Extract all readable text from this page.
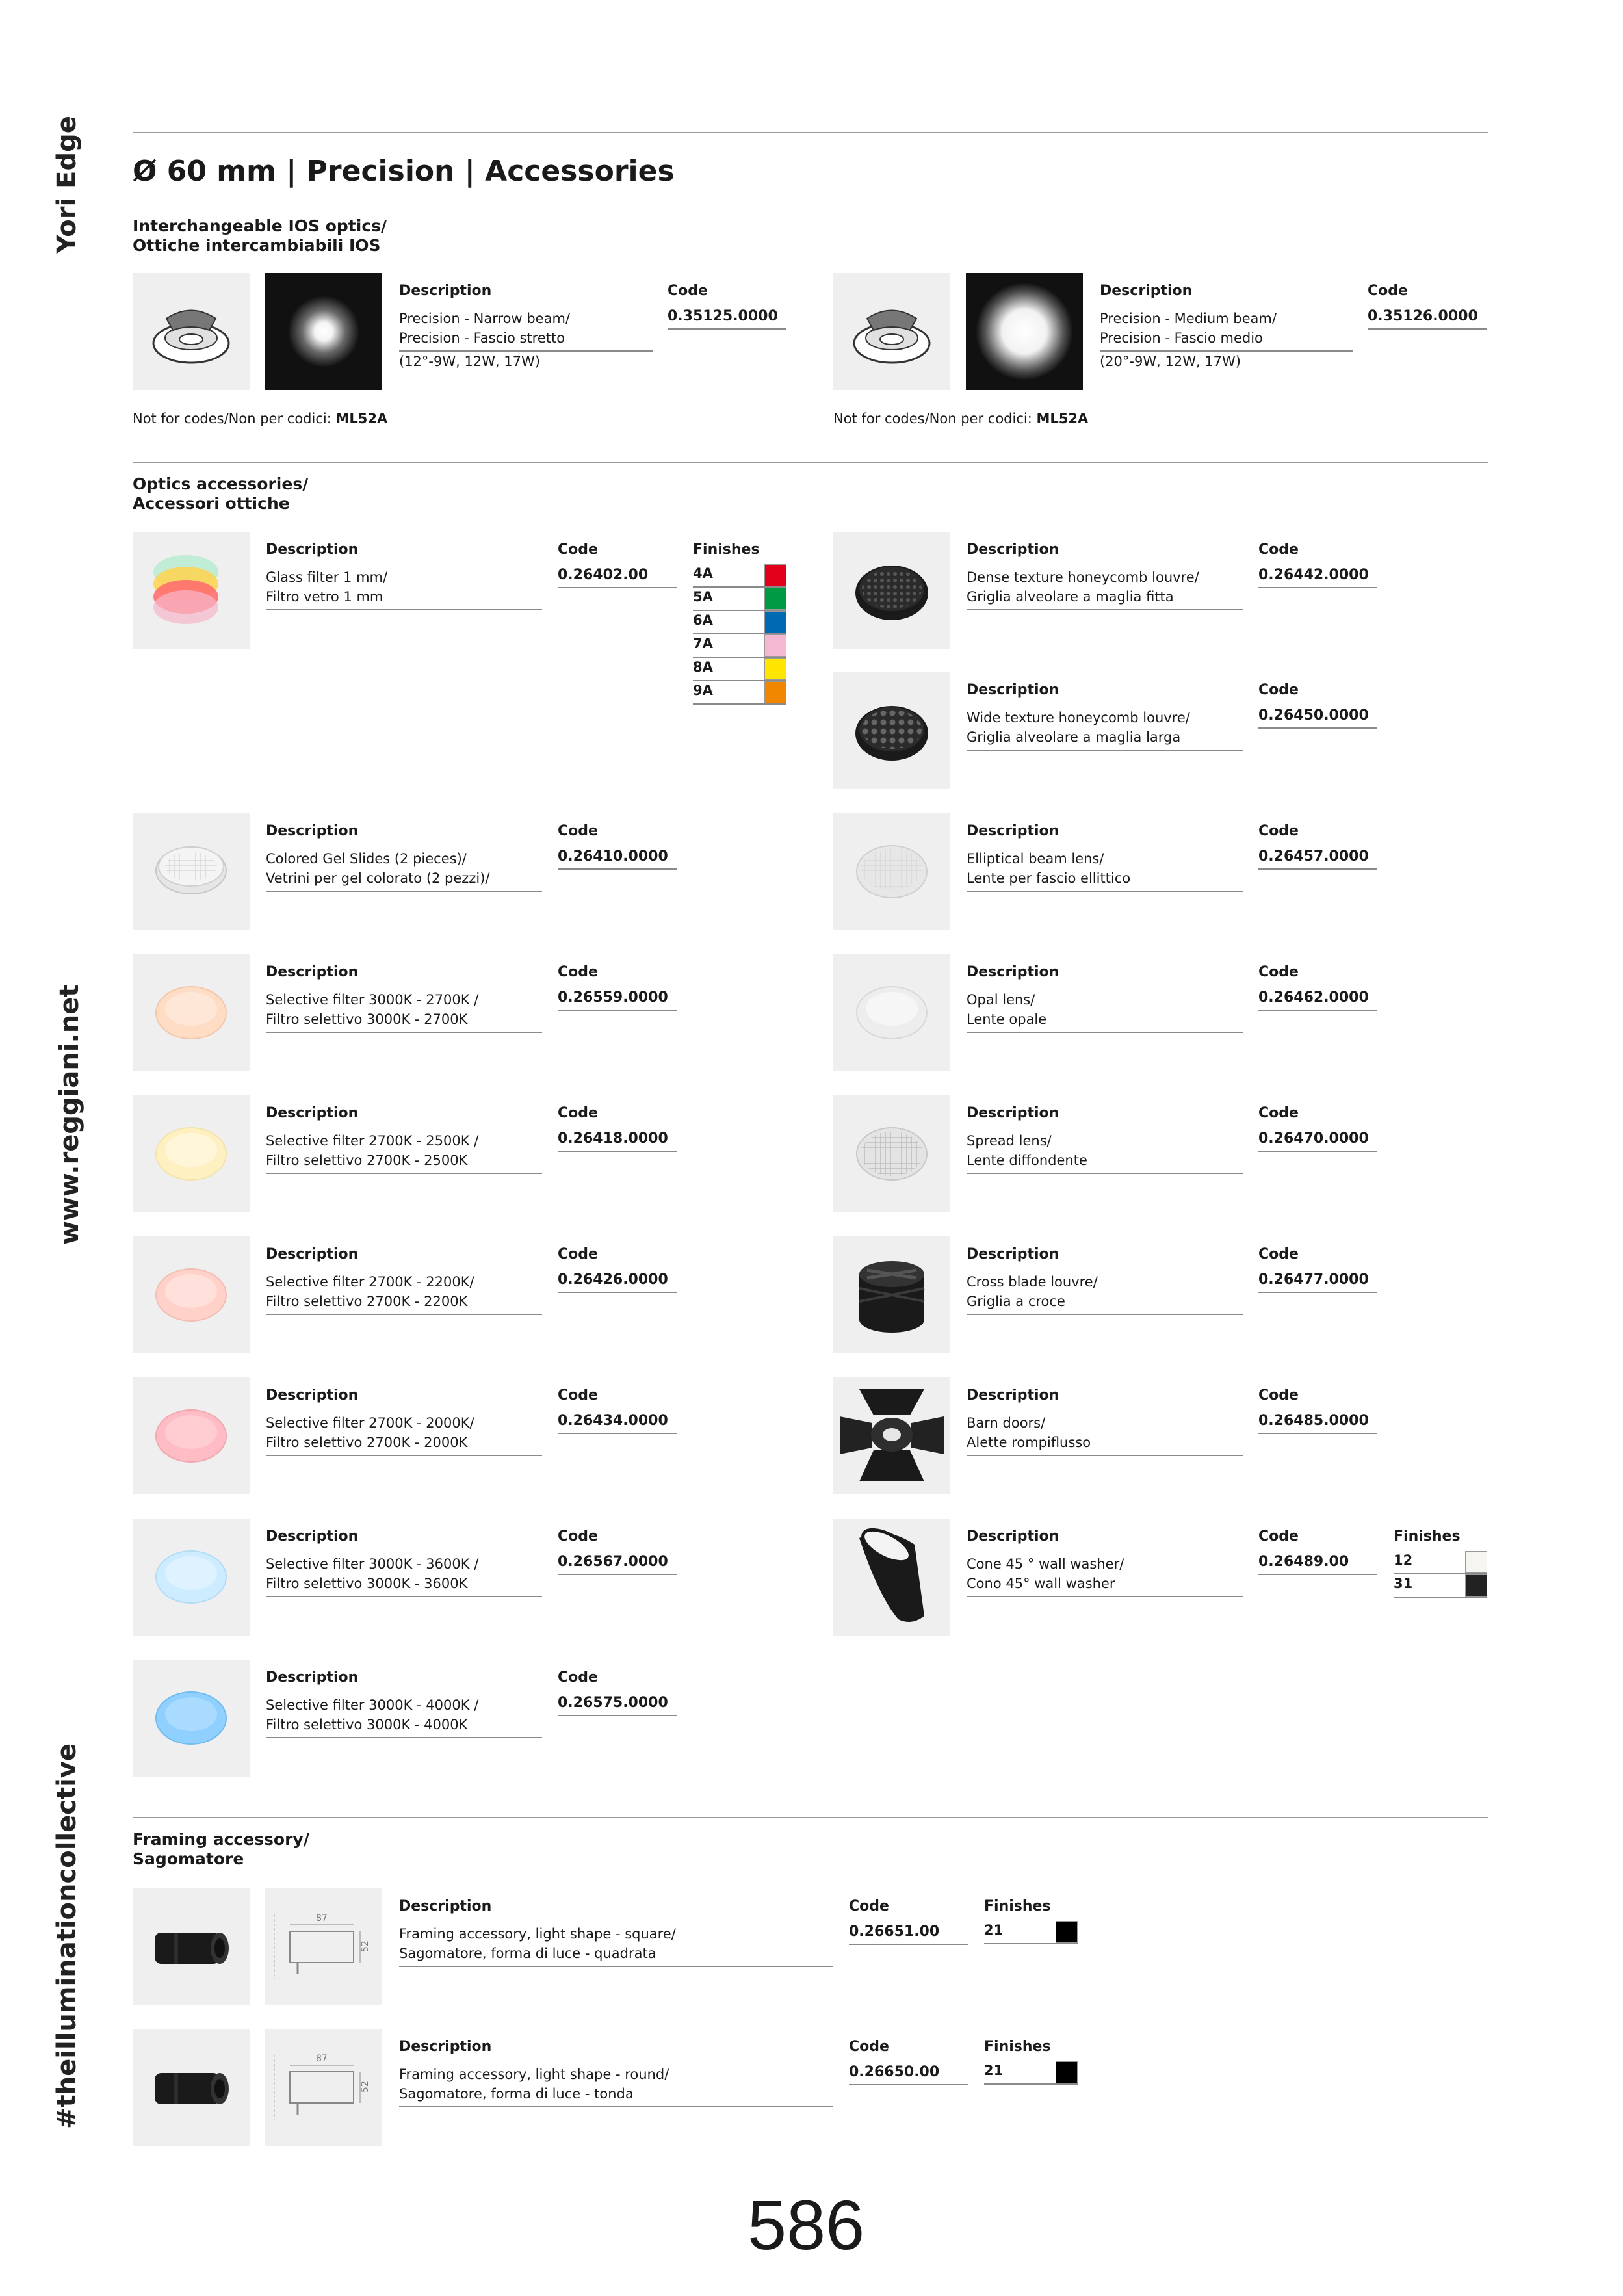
Yori Edge
www.reggiani.net
#theilluminationcollective
Ø 60 mm | Precision | Accessories
Interchangeable IOS optics/
Ottiche intercambiabili IOS
Description
Precision - Narrow beam/
Precision - Fascio stretto
(12°-9W, 12W, 17W)
Code
0.35125.0000
Not for codes/Non per codici: ML52A
Description
Precision - Medium beam/
Precision - Fascio medio
(20°-9W, 12W, 17W)
Code
0.35126.0000
Not for codes/Non per codici: ML52A
Optics accessories/
Accessori ottiche
Description
Glass filter 1 mm/
Filtro vetro 1 mm
Code
0.26402.00
Finishes
4A
5A
6A
7A
8A
9A
Description
Colored Gel Slides (2 pieces)/
Vetrini per gel colorato (2 pezzi)/
Code
0.26410.0000
Description
Selective filter 3000K - 2700K /
Filtro selettivo 3000K - 2700K
Code
0.26559.0000
Description
Selective filter 2700K - 2500K /
Filtro selettivo 2700K - 2500K
Code
0.26418.0000
Description
Selective filter 2700K - 2200K/
Filtro selettivo 2700K - 2200K
Code
0.26426.0000
Description
Selective filter 2700K - 2000K/
Filtro selettivo 2700K - 2000K
Code
0.26434.0000
Description
Selective filter 3000K - 3600K /
Filtro selettivo 3000K - 3600K
Code
0.26567.0000
Description
Selective filter 3000K - 4000K /
Filtro selettivo 3000K - 4000K
Code
0.26575.0000
Description
Dense texture honeycomb louvre/
Griglia alveolare a maglia fitta
Code
0.26442.0000
Description
Wide texture honeycomb louvre/
Griglia alveolare a maglia larga
Code
0.26450.0000
Description
Elliptical beam lens/
Lente per fascio ellittico
Code
0.26457.0000
Description
Opal lens/
Lente opale
Code
0.26462.0000
Description
Spread lens/
Lente diffondente
Code
0.26470.0000
Description
Cross blade louvre/
Griglia a croce
Code
0.26477.0000
Description
Barn doors/
Alette rompiflusso
Code
0.26485.0000
Description
Cone 45 ° wall washer/
Cono 45° wall washer
Code
0.26489.00
Finishes
12
31
Framing accessory/
Sagomatore
87
52
Description
Framing accessory, light shape - square/
Sagomatore, forma di luce - quadrata
Code
0.26651.00
Finishes
21
87
52
Description
Framing accessory, light shape - round/
Sagomatore, forma di luce - tonda
Code
0.26650.00
Finishes
21
586
